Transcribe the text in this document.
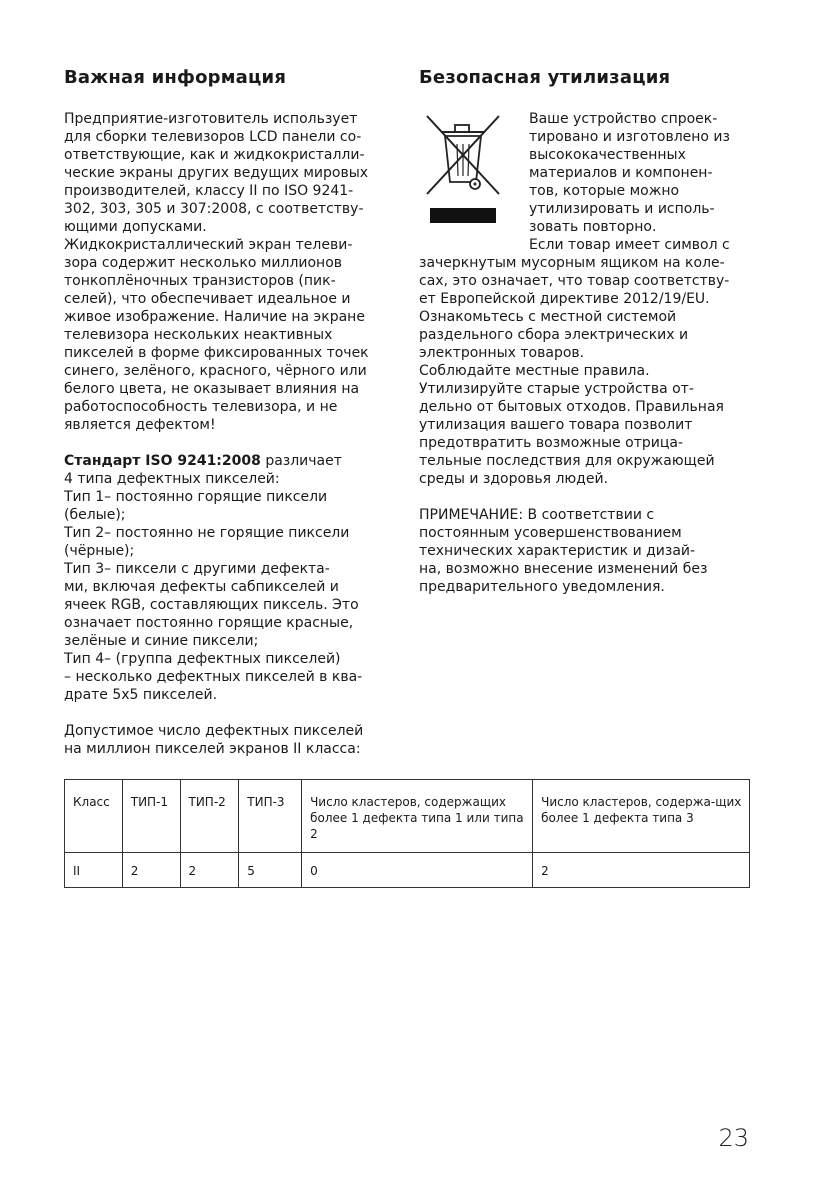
Важная информация
Предприятие-изготовитель использует
для сборки телевизоров LCD панели со-
ответствующие, как и жидкокристалли-
ческие экраны других ведущих мировых
производителей, классу II по ISO 9241-
302, 303, 305 и 307:2008, с соответству-
ющими допусками.
Жидкокристаллический экран телеви-
зора содержит несколько миллионов
тонкоплёночных транзисторов (пик-
селей), что обеспечивает идеальное и
живое изображение. Наличие на экране
телевизора нескольких неактивных
пикселей в форме фиксированных точек
синего, зелёного, красного, чёрного или
белого цвета, не оказывает влияния на
работоспособность телевизора, и не
является дефектом!
Стандарт ISO 9241:2008 различает
4 типа дефектных пикселей:
Тип 1– постоянно горящие пиксели
(белые);
Тип 2– постоянно не горящие пиксели
(чёрные);
Тип 3– пиксели с другими дефекта-
ми, включая дефекты сабпикселей и
ячеек RGB, составляющих пиксель. Это
означает постоянно горящие красные,
зелёные и синие пиксели;
Тип 4– (группа дефектных пикселей)
– несколько дефектных пикселей в ква-
драте 5х5 пикселей.
Допустимое число дефектных пикселей
на миллион пикселей экранов II класса:
Безопасная утилизация
Ваше устройство спроек-
тировано и изготовлено из
высококачественных
материалов и компонен-
тов, которые можно
утилизировать и исполь-
зовать повторно.
Если товар имеет символ с
зачеркнутым мусорным ящиком на коле-
сах, это означает, что товар соответству-
ет Европейской директиве 2012/19/EU.
Ознакомьтесь с местной системой
раздельного сбора электрических и
электронных товаров.
Соблюдайте местные правила.
Утилизируйте старые устройства от-
дельно от бытовых отходов. Правильная
утилизация вашего товара позволит
предотвратить возможные отрица-
тельные последствия для окружающей
среды и здоровья людей.
ПРИМЕЧАНИЕ: В соответствии с
постоянным усовершенствованием
технических характеристик и дизай-
на, возможно внесение изменений без
предварительного уведомления.
Класс	ТИП-1	ТИП-2	ТИП-3	Число кластеров, содержащих более 1 дефекта типа 1 или типа 2	Число кластеров, содержа-щих более 1 дефекта типа 3
II	2	2	5	0	2
23
